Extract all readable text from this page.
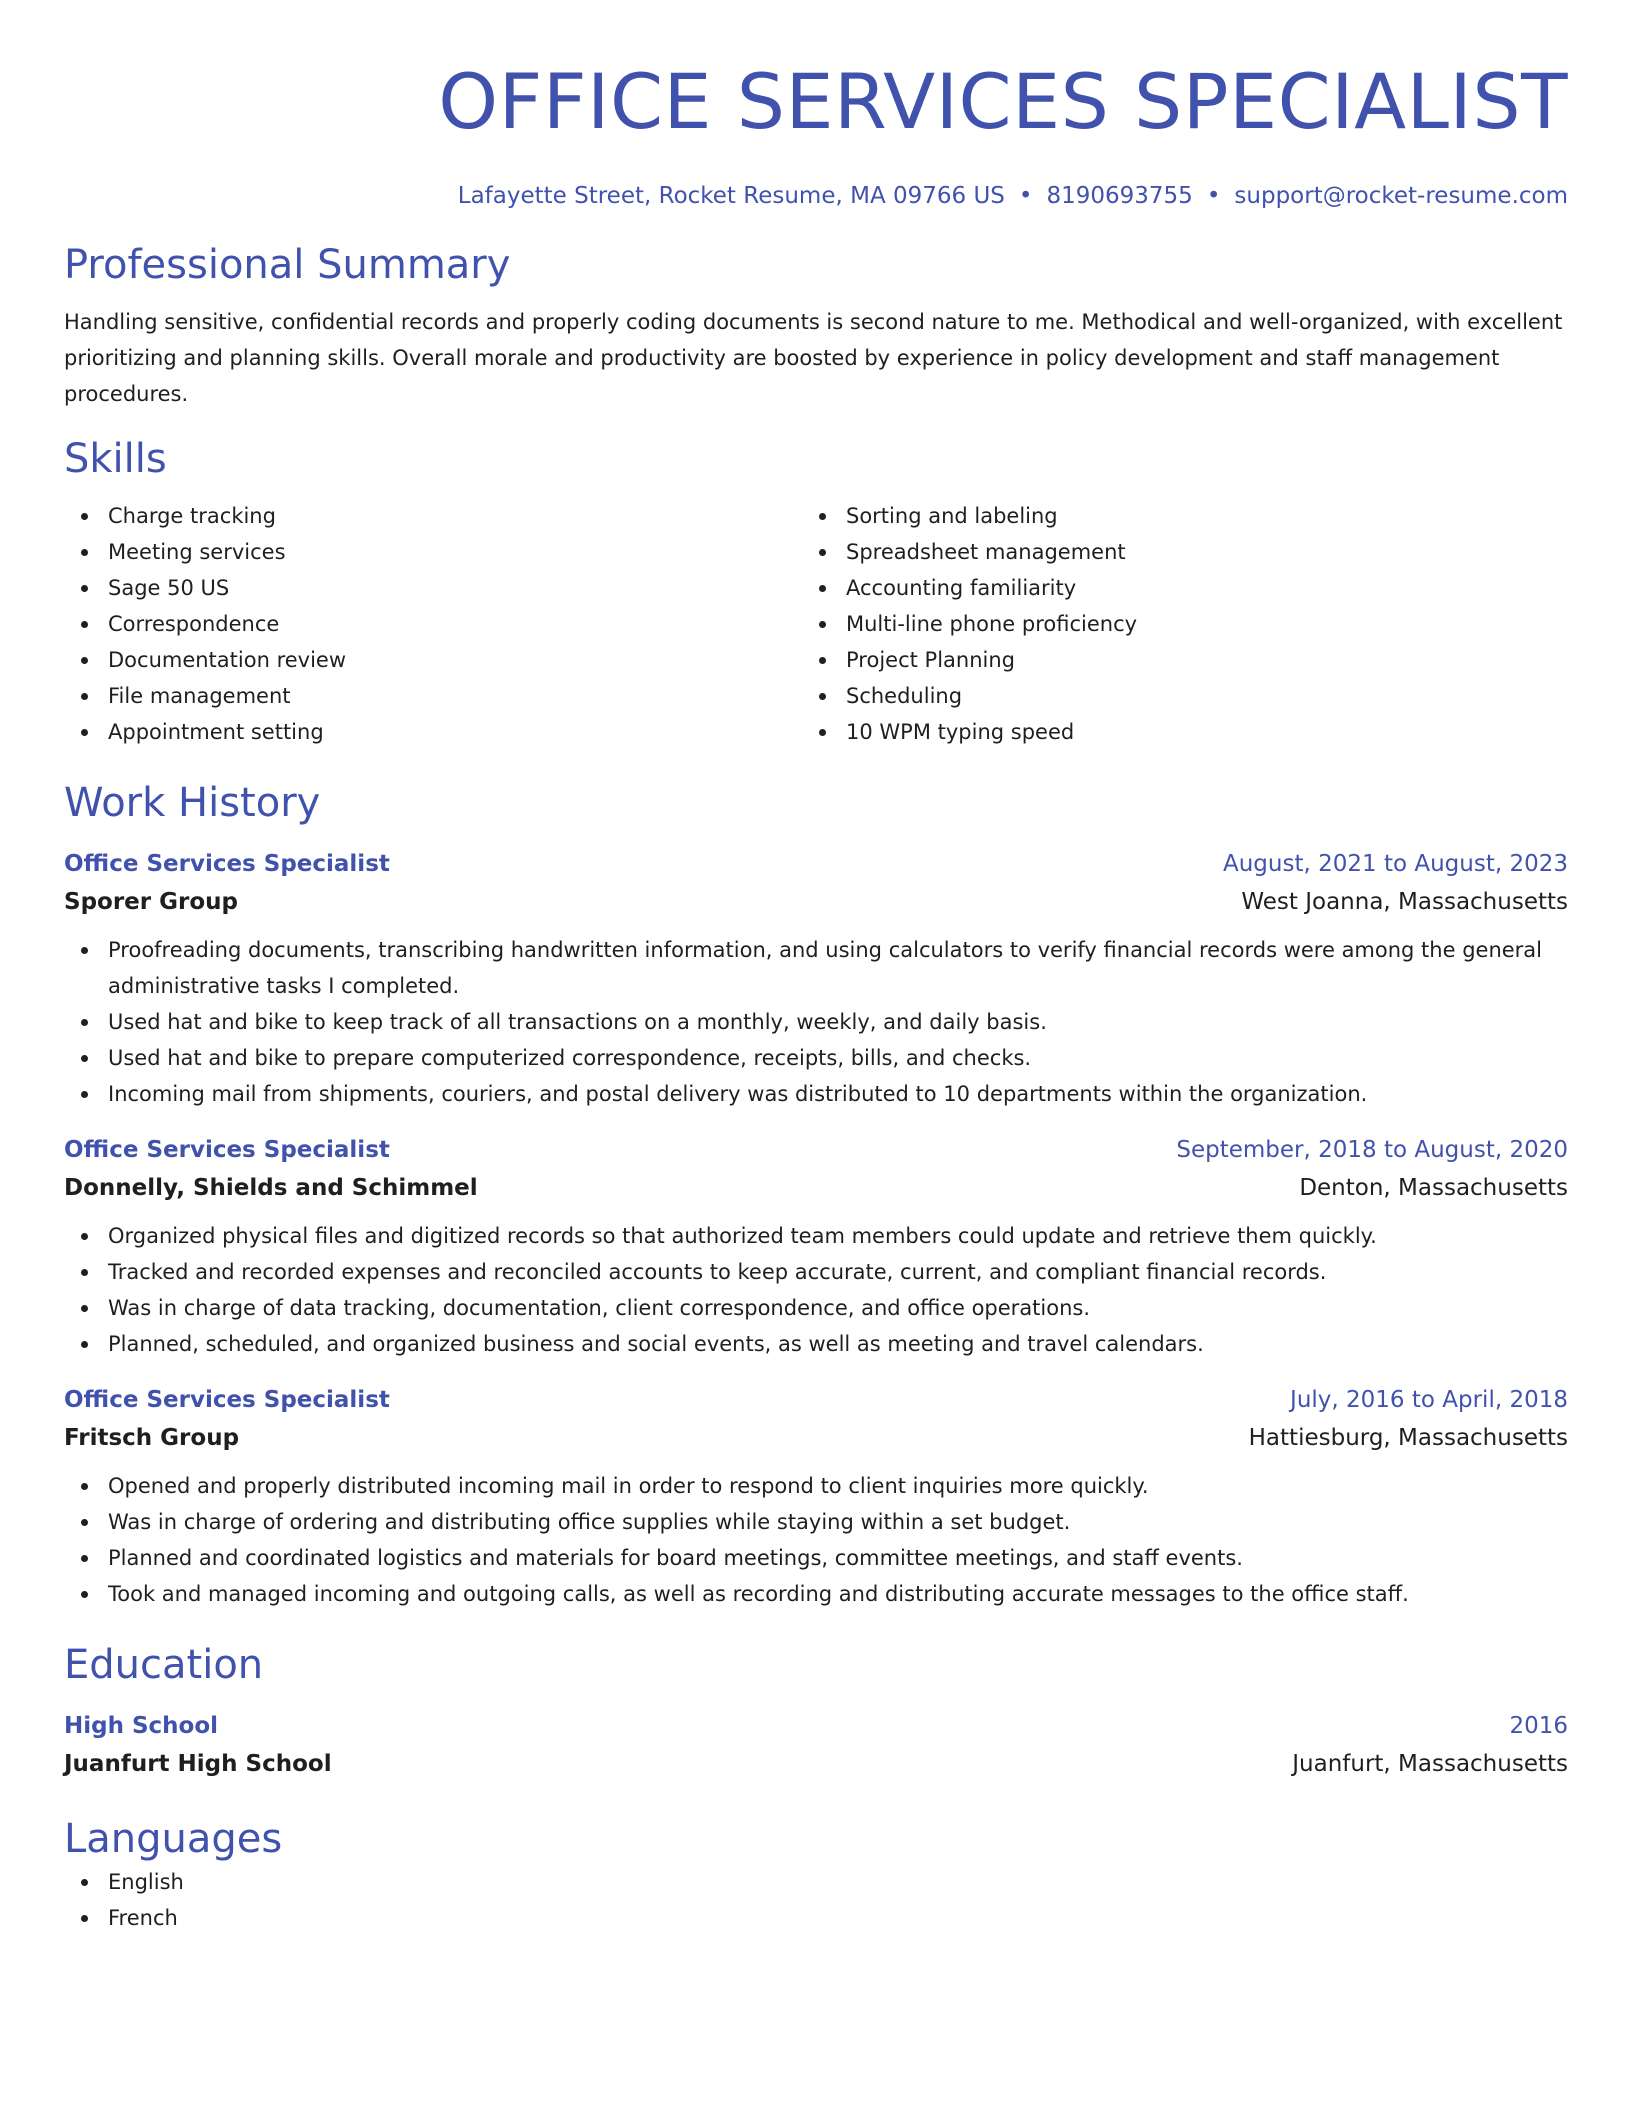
OFFICE SERVICES SPECIALIST
Lafayette Street, Rocket Resume, MA 09766 US • 8190693755 • support@rocket-resume.com
Professional Summary

Handling sensitive, confidential records and properly coding documents is second nature to me. Methodical and well-organized, with excellent prioritizing and planning skills. Overall morale and productivity are boosted by experience in policy development and staff management procedures.

Skills
Charge tracking
Meeting services
Sage 50 US
Correspondence
Documentation review
File management
Appointment setting
Sorting and labeling
Spreadsheet management
Accounting familiarity
Multi-line phone proficiency
Project Planning
Scheduling
10 WPM typing speed
Work History
Office Services Specialist	August, 2021 to August, 2023
Sporer Group	West Joanna, Massachusetts
Proofreading documents, transcribing handwritten information, and using calculators to verify financial records were among the general administrative tasks I completed.
Used hat and bike to keep track of all transactions on a monthly, weekly, and daily basis.
Used hat and bike to prepare computerized correspondence, receipts, bills, and checks.
Incoming mail from shipments, couriers, and postal delivery was distributed to 10 departments within the organization.
Office Services Specialist	September, 2018 to August, 2020
Donnelly, Shields and Schimmel	Denton, Massachusetts
Organized physical files and digitized records so that authorized team members could update and retrieve them quickly.
Tracked and recorded expenses and reconciled accounts to keep accurate, current, and compliant financial records.
Was in charge of data tracking, documentation, client correspondence, and office operations.
Planned, scheduled, and organized business and social events, as well as meeting and travel calendars.
Office Services Specialist	July, 2016 to April, 2018
Fritsch Group	Hattiesburg, Massachusetts
Opened and properly distributed incoming mail in order to respond to client inquiries more quickly.
Was in charge of ordering and distributing office supplies while staying within a set budget.
Planned and coordinated logistics and materials for board meetings, committee meetings, and staff events.
Took and managed incoming and outgoing calls, as well as recording and distributing accurate messages to the office staff.
Education
High School	2016
Juanfurt High School	Juanfurt, Massachusetts
Languages
English
French
